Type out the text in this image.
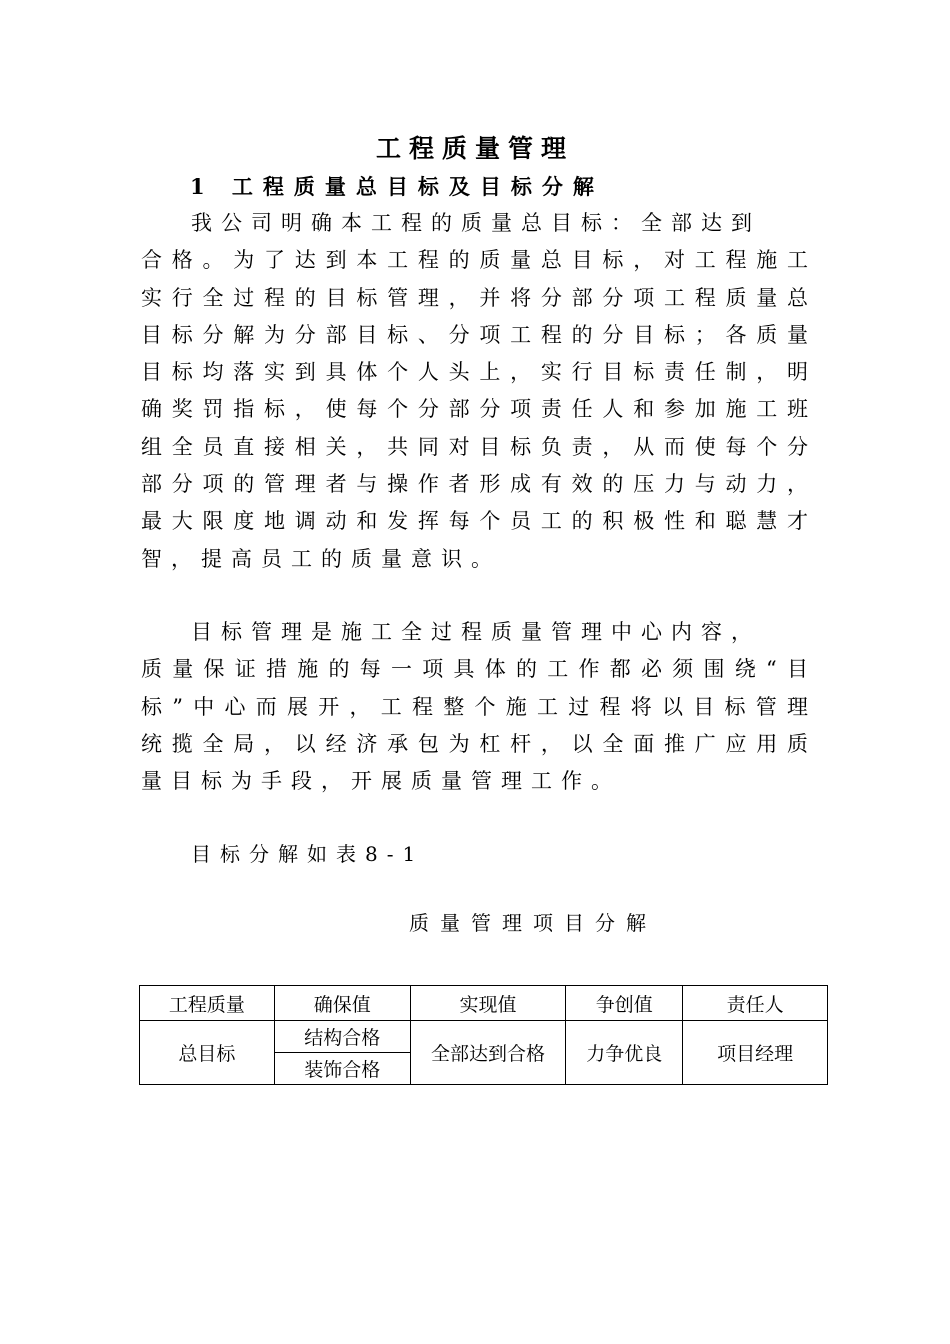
工程质量管理
1 工程质量总目标及目标分解

我公司明确本工程的质量总目标：全部达到
合格。为了达到本工程的质量总目标，对工程施工实行全过程的目标管理，并将分部分项工程质量总目标分解为分部目标、分项工程的分目标；各质量目标均落实到具体个人头上，实行目标责任制，明确奖罚指标，使每个分部分项责任人和参加施工班组全员直接相关，共同对目标负责，从而使每个分部分项的管理者与操作者形成有效的压力与动力，最大限度地调动和发挥每个员工的积极性和聪慧才智，提高员工的质量意识。

目标管理是施工全过程质量管理中心内容，
质量保证措施的每一项具体的工作都必须围绕“目标”中心而展开，工程整个施工过程将以目标管理统揽全局，以经济承包为杠杆，以全面推广应用质量目标为手段，开展质量管理工作。

目标分解如表8-1
质量管理项目分解
工程质量	确保值	实现值	争创值	责任人
总目标	结构合格	全部达到合格	力争优良	项目经理
	装饰合格			
